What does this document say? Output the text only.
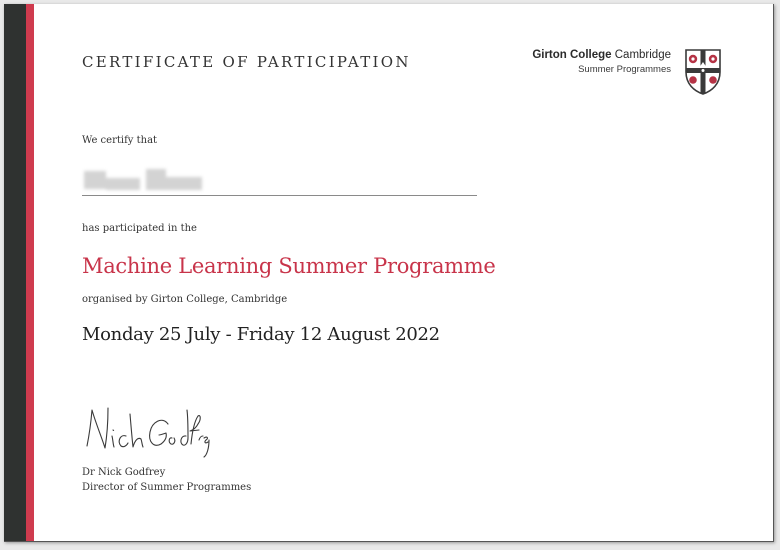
CERTIFICATE OF PARTICIPATION	Girton College Cambridge
Summer Programmes
We certify that
has participated in the
Machine Learning Summer Programme
organised by Girton College, Cambridge
Monday 25 July - Friday 12 August 2022
Nick Godfrey
Dr Nick Godfrey
Director of Summer Programmes
